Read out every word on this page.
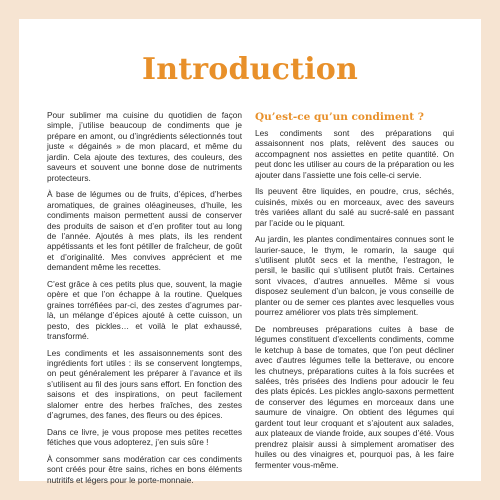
Introduction

Pour sublimer ma cuisine du quotidien de façon simple, j’utilise beaucoup de condiments que je prépare en amont, ou d’ingrédients sélectionnés tout juste « dégainés » de mon placard, et même du jardin. Cela ajoute des textures, des couleurs, des saveurs et souvent une bonne dose de nutriments protecteurs.

À base de légumes ou de fruits, d’épices, d’herbes aromatiques, de graines oléagineuses, d’huile, les condiments maison permettent aussi de conserver des produits de saison et d’en profiter tout au long de l’année. Ajoutés à mes plats, ils les rendent appétissants et les font pétiller de fraîcheur, de goût et d’originalité. Mes convives apprécient et me demandent même les recettes.

C’est grâce à ces petits plus que, souvent, la magie opère et que l’on échappe à la routine. Quelques graines torréfiées par-ci, des zestes d’agrumes par-là, un mélange d’épices ajouté à cette cuisson, un pesto, des pickles… et voilà le plat exhaussé, transformé.

Les condiments et les assaisonnements sont des ingrédients fort utiles : ils se conservent longtemps, on peut généralement les préparer à l’avance et ils s’utilisent au fil des jours sans effort. En fonction des saisons et des inspirations, on peut facilement slalomer entre des herbes fraîches, des zestes d’agrumes, des fanes, des fleurs ou des épices.

Dans ce livre, je vous propose mes petites recettes fétiches que vous adopterez, j’en suis sûre !

À consommer sans modération car ces condiments sont créés pour être sains, riches en bons éléments nutritifs et légers pour le porte-monnaie.

Qu’est-ce qu’un condiment ?

Les condiments sont des préparations qui assaisonnent nos plats, relèvent des sauces ou accompagnent nos assiettes en petite quantité. On peut donc les utiliser au cours de la préparation ou les ajouter dans l’assiette une fois celle-ci servie.

Ils peuvent être liquides, en poudre, crus, séchés, cuisinés, mixés ou en morceaux, avec des saveurs très variées allant du salé au sucré-salé en passant par l’acide ou le piquant.

Au jardin, les plantes condimentaires connues sont le laurier-sauce, le thym, le romarin, la sauge qui s’utilisent plutôt secs et la menthe, l’estragon, le persil, le basilic qui s’utilisent plutôt frais. Certaines sont vivaces, d’autres annuelles. Même si vous disposez seulement d’un balcon, je vous conseille de planter ou de semer ces plantes avec lesquelles vous pourrez améliorer vos plats très simplement.

De nombreuses préparations cuites à base de légumes constituent d’excellents condiments, comme le ketchup à base de tomates, que l’on peut décliner avec d’autres légumes telle la betterave, ou encore les chutneys, préparations cuites à la fois sucrées et salées, très prisées des Indiens pour adoucir le feu des plats épicés. Les pickles anglo-saxons permettent de conserver des légumes en morceaux dans une saumure de vinaigre. On obtient des légumes qui gardent tout leur croquant et s’ajoutent aux salades, aux plateaux de viande froide, aux soupes d’été. Vous prendrez plaisir aussi à simplement aromatiser des huiles ou des vinaigres et, pourquoi pas, à les faire fermenter vous-même.
